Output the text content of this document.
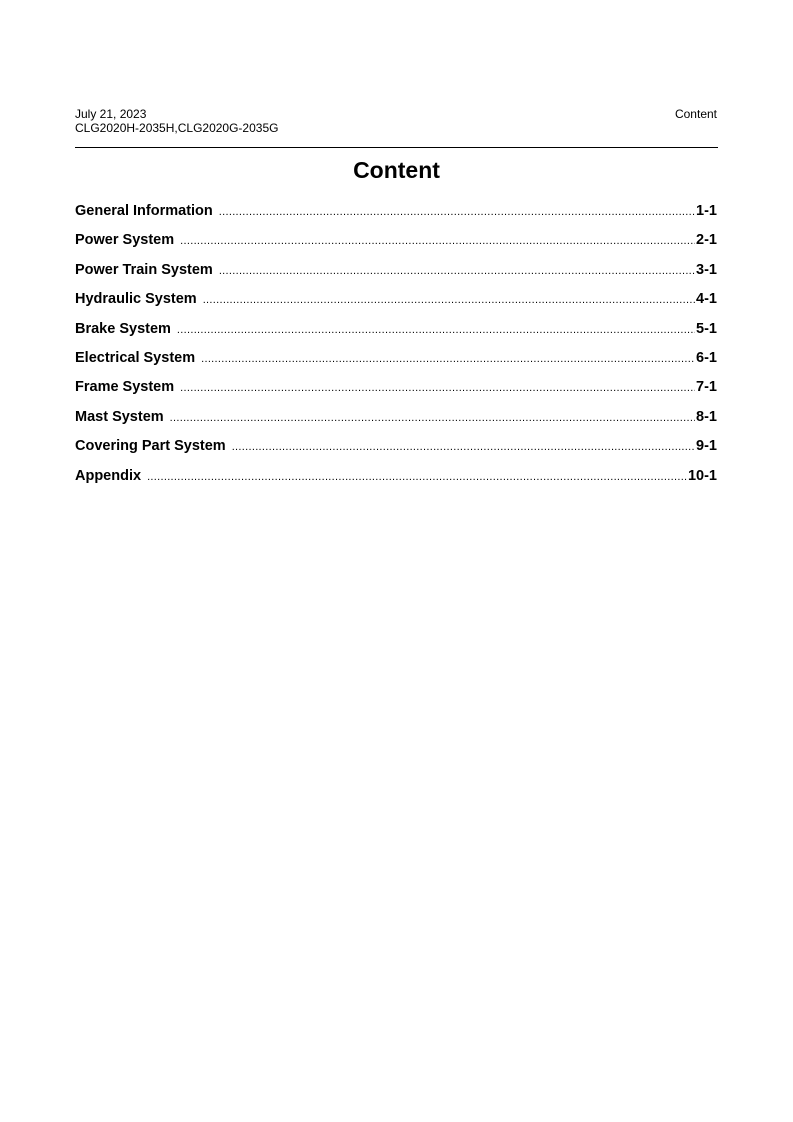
July 21, 2023
CLG2020H-2035H,CLG2020G-2035G
Content
Content
General Information .....	1-1
Power System .....	2-1
Power Train System .....	3-1
Hydraulic System .....	4-1
Brake System .....	5-1
Electrical System .....	6-1
Frame System .....	7-1
Mast System .....	8-1
Covering Part System .....	9-1
Appendix .....	10-1
